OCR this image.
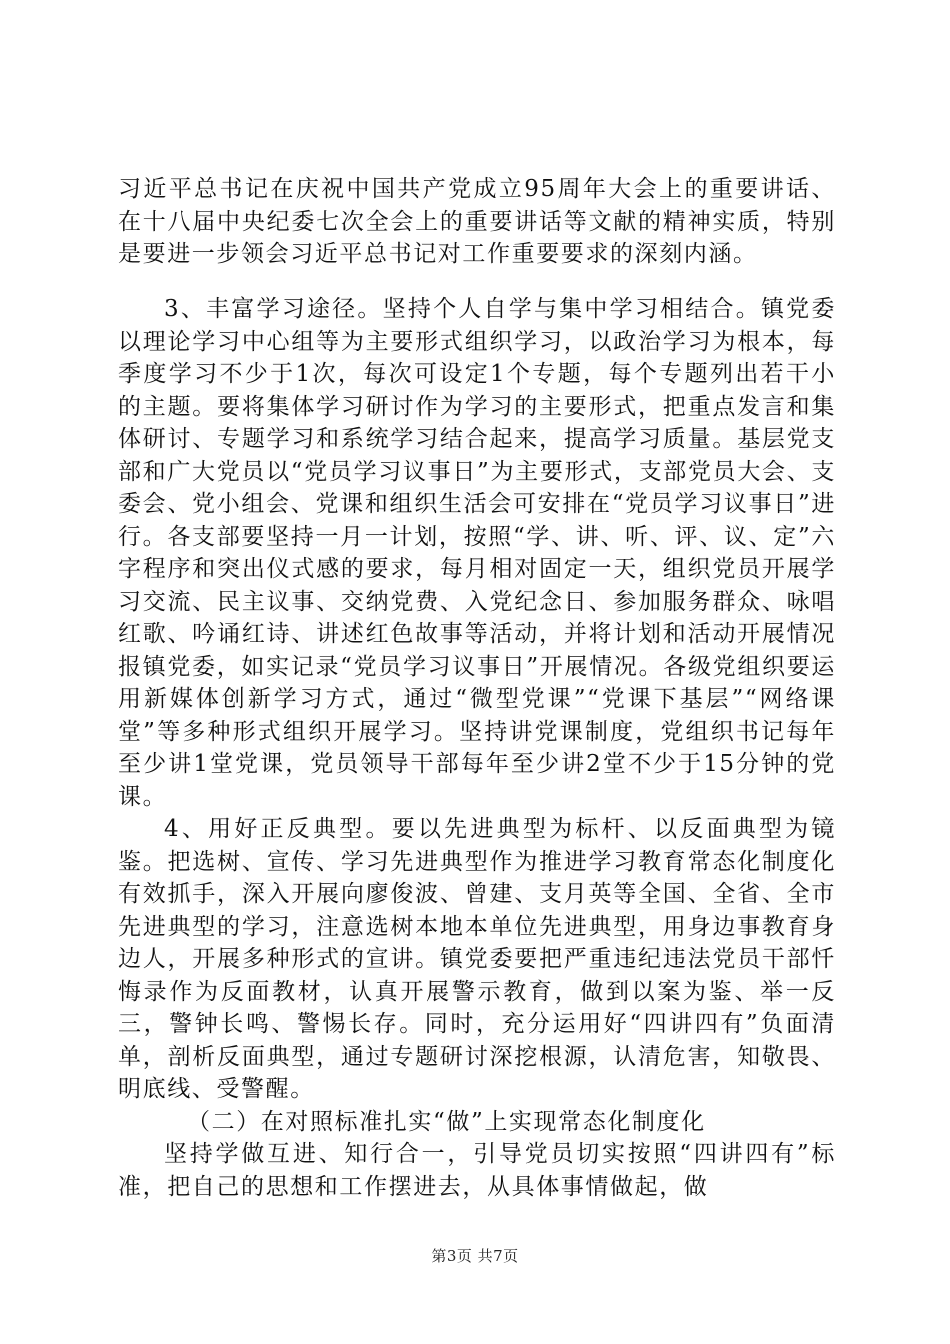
习近平总书记在庆祝中国共产党成立95周年大会上的重要讲话、在十八届中央纪委七次全会上的重要讲话等文献的精神实质，特别是要进一步领会习近平总书记对工作重要要求的深刻内涵。

3、丰富学习途径。坚持个人自学与集中学习相结合。镇党委以理论学习中心组等为主要形式组织学习，以政治学习为根本，每季度学习不少于1次，每次可设定1个专题，每个专题列出若干小的主题。要将集体学习研讨作为学习的主要形式，把重点发言和集体研讨、专题学习和系统学习结合起来，提高学习质量。基层党支部和广大党员以“党员学习议事日”为主要形式，支部党员大会、支委会、党小组会、党课和组织生活会可安排在“党员学习议事日”进行。各支部要坚持一月一计划，按照“学、讲、听、评、议、定”六字程序和突出仪式感的要求，每月相对固定一天，组织党员开展学习交流、民主议事、交纳党费、入党纪念日、参加服务群众、咏唱红歌、吟诵红诗、讲述红色故事等活动，并将计划和活动开展情况报镇党委，如实记录“党员学习议事日”开展情况。各级党组织要运用新媒体创新学习方式，通过“微型党课”“党课下基层”“网络课堂”等多种形式组织开展学习。坚持讲党课制度，党组织书记每年至少讲1堂党课，党员领导干部每年至少讲2堂不少于15分钟的党课。

4、用好正反典型。要以先进典型为标杆、以反面典型为镜鉴。把选树、宣传、学习先进典型作为推进学习教育常态化制度化有效抓手，深入开展向廖俊波、曾建、支月英等全国、全省、全市先进典型的学习，注意选树本地本单位先进典型，用身边事教育身边人，开展多种形式的宣讲。镇党委要把严重违纪违法党员干部忏悔录作为反面教材，认真开展警示教育，做到以案为鉴、举一反三，警钟长鸣、警惕长存。同时，充分运用好“四讲四有”负面清单，剖析反面典型，通过专题研讨深挖根源，认清危害，知敬畏、明底线、受警醒。

（二）在对照标准扎实“做”上实现常态化制度化

坚持学做互进、知行合一，引导党员切实按照“四讲四有”标准，把自己的思想和工作摆进去，从具体事情做起，做

第3页 共7页
